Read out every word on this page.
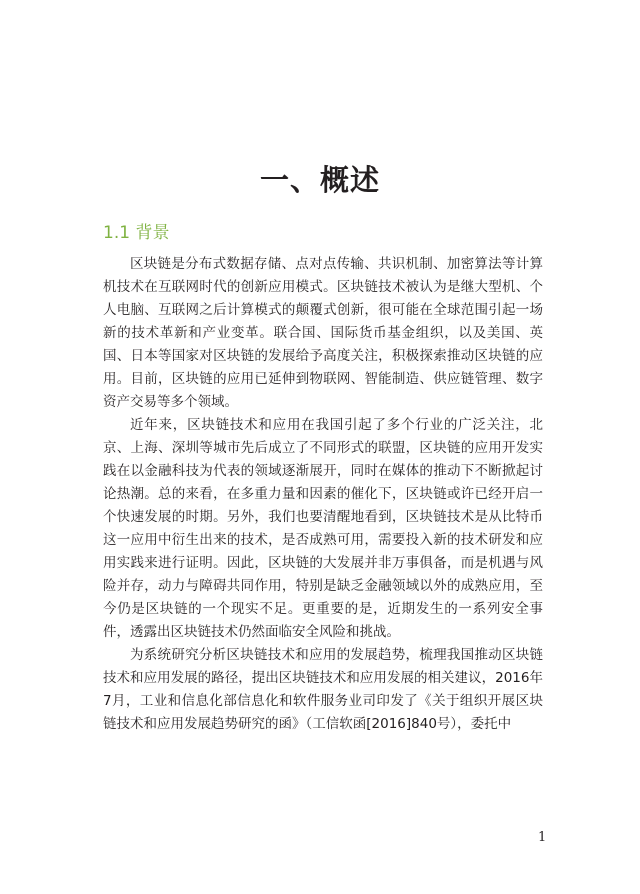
一、概述
1.1 背景

区块链是分布式数据存储、点对点传输、共识机制、加密算法等计算机技术在互联网时代的创新应用模式。区块链技术被认为是继大型机、个人电脑、互联网之后计算模式的颠覆式创新，很可能在全球范围引起一场新的技术革新和产业变革。联合国、国际货币基金组织，以及美国、英国、日本等国家对区块链的发展给予高度关注，积极探索推动区块链的应用。目前，区块链的应用已延伸到物联网、智能制造、供应链管理、数字资产交易等多个领域。

近年来，区块链技术和应用在我国引起了多个行业的广泛关注，北京、上海、深圳等城市先后成立了不同形式的联盟，区块链的应用开发实践在以金融科技为代表的领域逐渐展开，同时在媒体的推动下不断掀起讨论热潮。总的来看，在多重力量和因素的催化下，区块链或许已经开启一个快速发展的时期。另外，我们也要清醒地看到，区块链技术是从比特币这一应用中衍生出来的技术，是否成熟可用，需要投入新的技术研发和应用实践来进行证明。因此，区块链的大发展并非万事俱备，而是机遇与风险并存，动力与障碍共同作用，特别是缺乏金融领域以外的成熟应用，至今仍是区块链的一个现实不足。更重要的是，近期发生的一系列安全事件，透露出区块链技术仍然面临安全风险和挑战。

为系统研究分析区块链技术和应用的发展趋势，梳理我国推动区块链技术和应用发展的路径，提出区块链技术和应用发展的相关建议，2016年7月，工业和信息化部信息化和软件服务业司印发了《关于组织开展区块链技术和应用发展趋势研究的函》（工信软函[2016]840号），委托中

1
